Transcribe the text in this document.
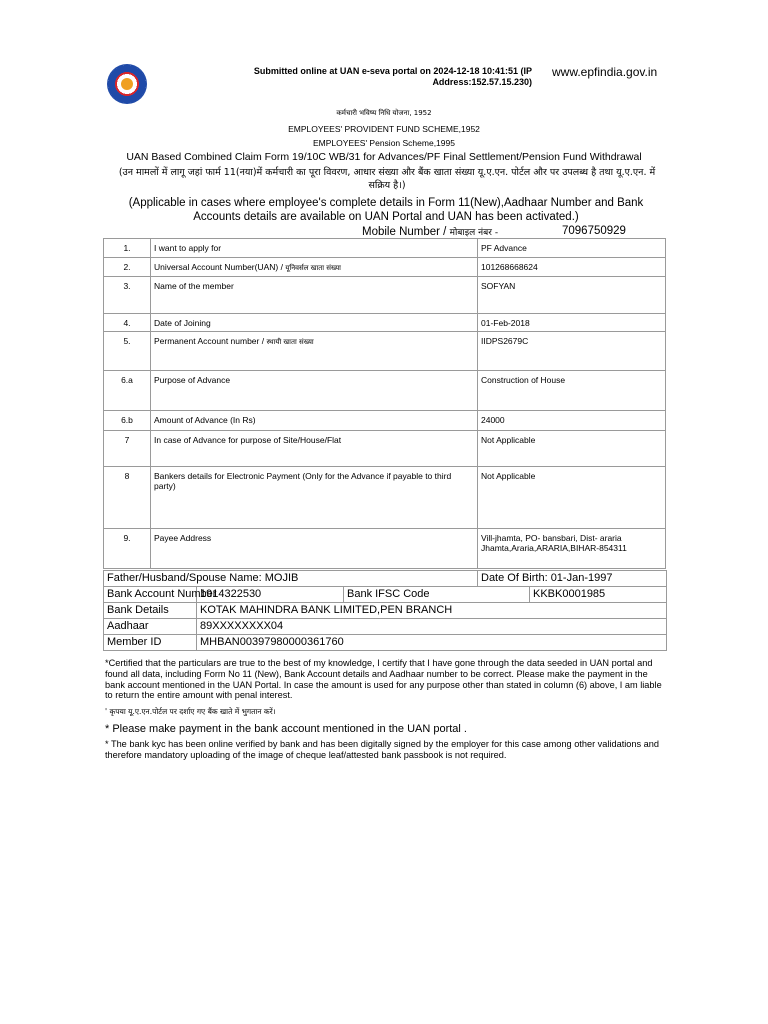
Submitted online at UAN e-seva portal on 2024-12-18 10:41:51 (IP Address:152.57.15.230)
www.epfindia.gov.in
कर्मचारी भविष्य निधि योजना, 1952
EMPLOYEES' PROVIDENT FUND SCHEME,1952
EMPLOYEES' Pension Scheme,1995
UAN Based Combined Claim Form 19/10C WB/31 for Advances/PF Final Settlement/Pension Fund Withdrawal
(उन मामलों में लागू जहां फार्म 11(नया)में कर्मचारी का पूरा विवरण, आधार संख्या और बैंक खाता संख्या यू.ए.एन. पोर्टल और पर उपलब्ध है तथा यू.ए.एन. में सक्रिय है।)
(Applicable in cases where employee's complete details in Form 11(New),Aadhaar Number and Bank Accounts details are available on UAN Portal and UAN has been activated.)
Mobile Number / मोबाइल नंबर -	7096750929
1.	I want to apply for	PF Advance
2.	Universal Account Number(UAN) / यूनिवर्सल खाता संख्या	101268668624
3.	Name of the member	SOFYAN
4.	Date of Joining	01-Feb-2018
5.	Permanent Account number / स्थायी खाता संख्या	IIDPS2679C
6.a	Purpose of Advance	Construction of House
6.b	Amount of Advance (In Rs)	24000
7	In case of Advance for purpose of Site/House/Flat	Not Applicable
8	Bankers details for Electronic Payment (Only for the Advance if payable to third party)	Not Applicable
9.	Payee Address	Vill-jhamta, PO- bansbari, Dist- araria Jhamta,Araria,ARARIA,BIHAR-854311
Father/Husband/Spouse Name: MOJIB			Date Of Birth: 01-Jan-1997	
Bank Account Number	1914322530	Bank IFSC Code		KKBK0001985
Bank Details	KOTAK MAHINDRA BANK LIMITED,PEN BRANCH			
Aadhaar	89XXXXXXXX04			
Member ID	MHBAN00397980000361760			
*Certified that the particulars are true to the best of my knowledge, I certify that I have gone through the data seeded in UAN portal and found all data, including Form No 11 (New), Bank Account details and Aadhaar number to be correct. Please make the payment in the bank account mentioned in the UAN Portal. In case the amount is used for any purpose other than stated in column (6) above, I am liable to return the entire amount with penal interest.
' कृपया यू.ए.एन.पोर्टल पर दर्शाए गए बैंक खाते में भुगतान करें।
* Please make payment in the bank account mentioned in the UAN portal .
* The bank kyc has been online verified by bank and has been digitally signed by the employer for this case among other validations and therefore mandatory uploading of the image of cheque leaf/attested bank passbook is not required.
